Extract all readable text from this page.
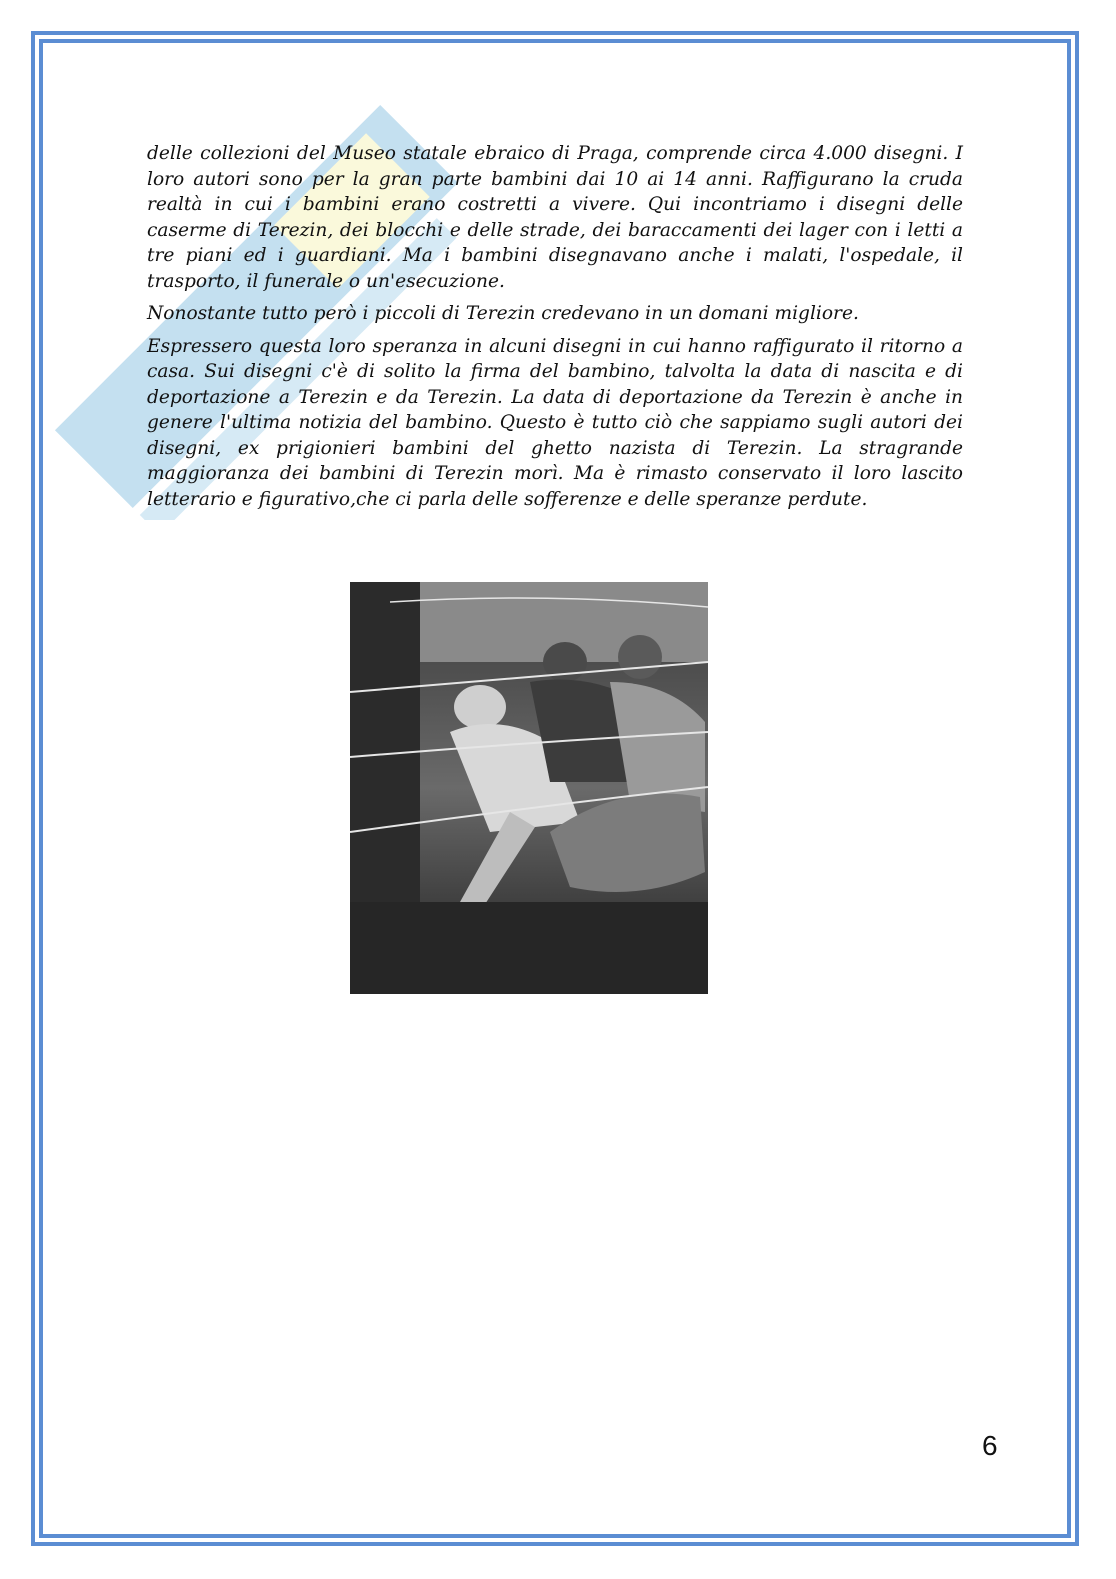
delle collezioni del Museo statale ebraico di Praga, comprende circa 4.000 disegni. I loro autori sono per la gran parte bambini dai 10 ai 14 anni. Raffigurano la cruda realtà in cui i bambini erano costretti a vivere. Qui incontriamo i disegni delle caserme di Terezin, dei blocchi e delle strade, dei baraccamenti dei lager con i letti a tre piani ed i guardiani. Ma i bambini disegnavano anche i malati, l'ospedale, il trasporto, il funerale o un'esecuzione.

Nonostante tutto però i piccoli di Terezin credevano in un domani migliore.

Espressero questa loro speranza in alcuni disegni in cui hanno raffigurato il ritorno a casa. Sui disegni c'è di solito la firma del bambino, talvolta la data di nascita e di deportazione a Terezin e da Terezin. La data di deportazione da Terezin è anche in genere l'ultima notizia del bambino. Questo è tutto ciò che sappiamo sugli autori dei disegni, ex prigionieri bambini del ghetto nazista di Terezin. La stragrande maggioranza dei bambini di Terezin morì. Ma è rimasto conservato il loro lascito letterario e figurativo,che ci parla delle sofferenze e delle speranze perdute.

6
